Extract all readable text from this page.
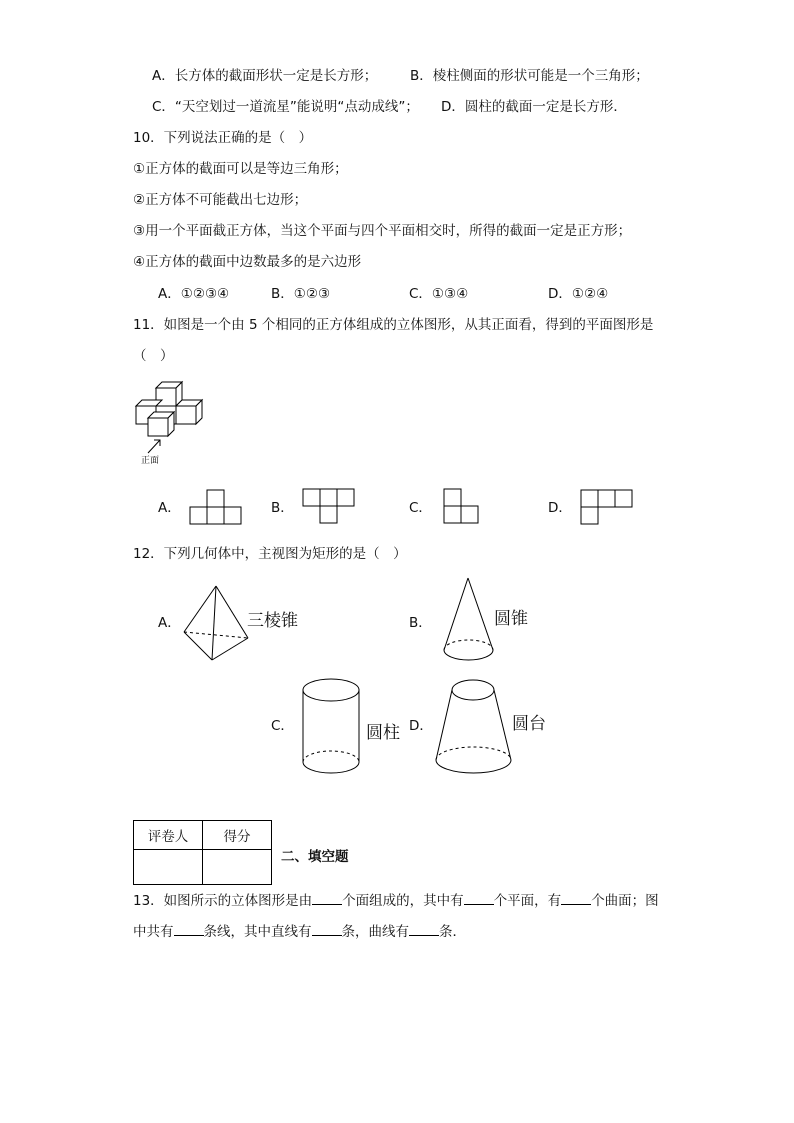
A．长方体的截面形状一定是长方形； B．棱柱侧面的形状可能是一个三角形；
C．“天空划过一道流星”能说明“点动成线”； D．圆柱的截面一定是长方形．
10．下列说法正确的是（　）
①正方体的截面可以是等边三角形；
②正方体不可能截出七边形；
③用一个平面截正方体，当这个平面与四个平面相交时，所得的截面一定是正方形；
④正方体的截面中边数最多的是六边形
A．①②③④	B．①②③	C．①③④	D．①②④
11．如图是一个由 5 个相同的正方体组成的立体图形，从其正面看，得到的平面图形是
（　）
正面
A．	B．	C．	D．
12．下列几何体中，主视图为矩形的是（　）
A．	三棱锥	B．	圆锥
C．	圆柱 D．	圆台
评卷人	得分

二、填空题
13．如图所示的立体图形是由 个面组成的，其中有 个平面，有 个曲面；图
中共有 条线，其中直线有 条，曲线有 条．
